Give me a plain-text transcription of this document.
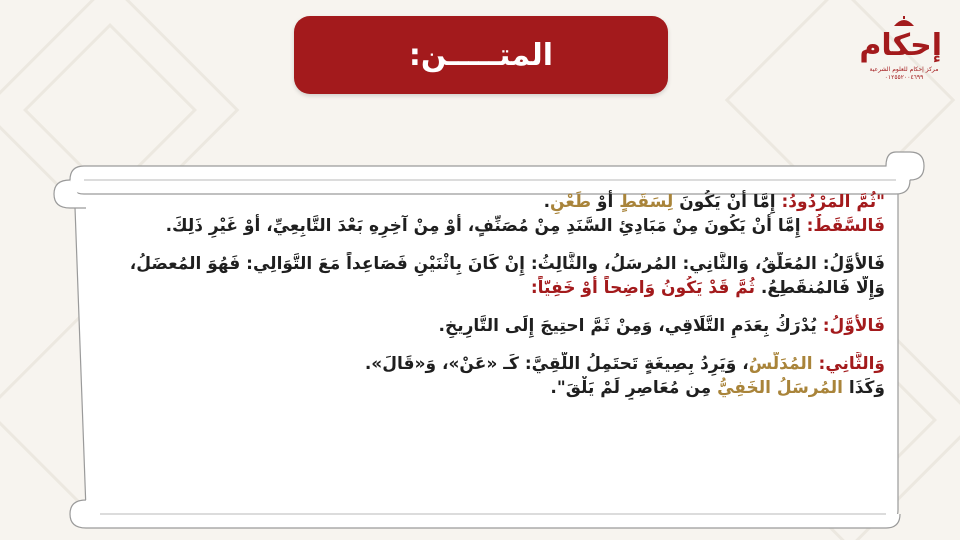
المتـــــن:	إحكام
مركز إحكام للعلوم الشرعية
٠١٢٥٥٢٠٠٤٦٩٩
"ثُمَّ المَرْدُودُ: إِمَّا أَنْ يَكُونَ لِسَقَطٍ أَوْ طَعْنٍ.
فَالسَّقَطُ: إِمَّا أَنْ يَكُونَ مِنْ مَبَادِئِ السَّنَدِ مِنْ مُصَنِّفٍ، أَوْ مِنْ آخِرِهِ بَعْدَ التَّابِعِيِّ، أَوْ غَيْرِ ذَلِكَ.
فَالأَوَّلُ: المُعَلَّقُ، وَالثَّانِي: المُرسَلُ، والثَّالِثُ: إِنْ كَانَ بِاثْنَيْنِ فَصَاعِداً مَعَ التَّوَالِي: فَهُوَ المُعضَلُ،
وَإِلَّا فَالمُنقَطِعُ. ثُمَّ قَدْ يَكُونُ وَاضِحاً أَوْ خَفِيّاً:
فَالأَوَّلُ: يُدْرَكُ بِعَدَمِ التَّلَاقِي، وَمِنْ ثَمَّ احتِيجَ إِلَى التَّارِيخِ.
وَالثَّانِي: المُدَلَّسُ، وَيَرِدُ بِصِيغَةٍ تَحتَمِلُ اللُّقِيَّ: كَـ «عَنْ»، وَ«قَالَ».
وَكَذَا المُرسَلُ الخَفِيُّ مِن مُعَاصِرٍ لَمْ يَلْقَ".
